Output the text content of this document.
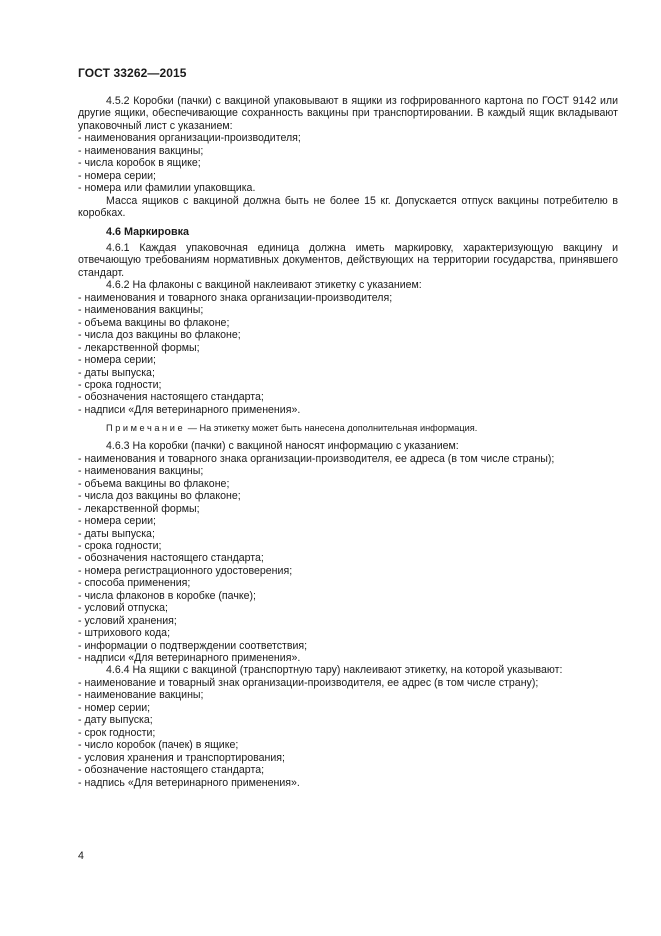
ГОСТ 33262—2015

4.5.2 Коробки (пачки) с вакциной упаковывают в ящики из гофрированного картона по ГОСТ 9142 или другие ящики, обеспечивающие сохранность вакцины при транспортировании. В каждый ящик вкладывают упаковочный лист с указанием:

- наименования организации-производителя;
- наименования вакцины;
- числа коробок в ящике;
- номера серии;
- номера или фамилии упаковщика.

Масса ящиков с вакциной должна быть не более 15 кг. Допускается отпуск вакцины потребителю в коробках.

4.6 Маркировка

4.6.1 Каждая упаковочная единица должна иметь маркировку, характеризующую вакцину и отвечающую требованиям нормативных документов, действующих на территории государства, принявшего стандарт.

4.6.2 На флаконы с вакциной наклеивают этикетку с указанием:

- наименования и товарного знака организации-производителя;
- наименования вакцины;
- объема вакцины во флаконе;
- числа доз вакцины во флаконе;
- лекарственной формы;
- номера серии;
- даты выпуска;
- срока годности;
- обозначения настоящего стандарта;
- надписи «Для ветеринарного применения».

Примечание — На этикетку может быть нанесена дополнительная информация.

4.6.3 На коробки (пачки) с вакциной наносят информацию с указанием:

- наименования и товарного знака организации-производителя, ее адреса (в том числе страны);
- наименования вакцины;
- объема вакцины во флаконе;
- числа доз вакцины во флаконе;
- лекарственной формы;
- номера серии;
- даты выпуска;
- срока годности;
- обозначения настоящего стандарта;
- номера регистрационного удостоверения;
- способа применения;
- числа флаконов в коробке (пачке);
- условий отпуска;
- условий хранения;
- штрихового кода;
- информации о подтверждении соответствия;
- надписи «Для ветеринарного применения».

4.6.4 На ящики с вакциной (транспортную тару) наклеивают этикетку, на которой указывают:

- наименование и товарный знак организации-производителя, ее адрес (в том числе страну);
- наименование вакцины;
- номер серии;
- дату выпуска;
- срок годности;
- число коробок (пачек) в ящике;
- условия хранения и транспортирования;
- обозначение настоящего стандарта;
- надпись «Для ветеринарного применения».
4
